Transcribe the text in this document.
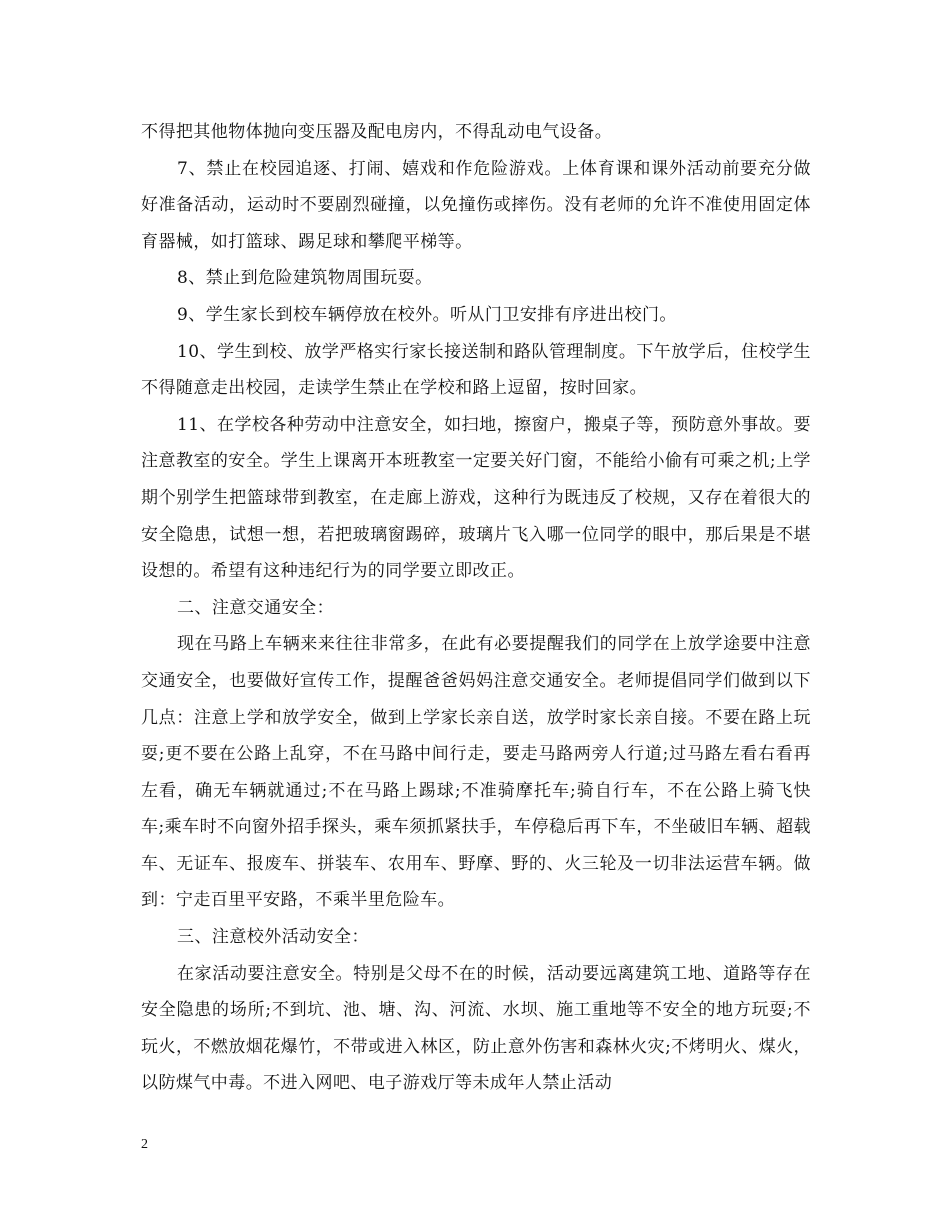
不得把其他物体抛向变压器及配电房内，不得乱动电气设备。

7、禁止在校园追逐、打闹、嬉戏和作危险游戏。上体育课和课外活动前要充分做好准备活动，运动时不要剧烈碰撞，以免撞伤或摔伤。没有老师的允许不准使用固定体育器械，如打篮球、踢足球和攀爬平梯等。

8、禁止到危险建筑物周围玩耍。

9、学生家长到校车辆停放在校外。听从门卫安排有序进出校门。

10、学生到校、放学严格实行家长接送制和路队管理制度。下午放学后，住校学生不得随意走出校园，走读学生禁止在学校和路上逗留，按时回家。

11、在学校各种劳动中注意安全，如扫地，擦窗户，搬桌子等，预防意外事故。要注意教室的安全。学生上课离开本班教室一定要关好门窗，不能给小偷有可乘之机;上学期个别学生把篮球带到教室，在走廊上游戏，这种行为既违反了校规，又存在着很大的安全隐患，试想一想，若把玻璃窗踢碎，玻璃片飞入哪一位同学的眼中，那后果是不堪设想的。希望有这种违纪行为的同学要立即改正。

二、注意交通安全：

现在马路上车辆来来往往非常多，在此有必要提醒我们的同学在上放学途要中注意交通安全，也要做好宣传工作，提醒爸爸妈妈注意交通安全。老师提倡同学们做到以下几点：注意上学和放学安全，做到上学家长亲自送，放学时家长亲自接。不要在路上玩耍;更不要在公路上乱穿，不在马路中间行走，要走马路两旁人行道;过马路左看右看再左看，确无车辆就通过;不在马路上踢球;不准骑摩托车;骑自行车，不在公路上骑飞快车;乘车时不向窗外招手探头，乘车须抓紧扶手，车停稳后再下车，不坐破旧车辆、超载车、无证车、报废车、拼装车、农用车、野摩、野的、火三轮及一切非法运营车辆。做到：宁走百里平安路，不乘半里危险车。

三、注意校外活动安全：

在家活动要注意安全。特别是父母不在的时候，活动要远离建筑工地、道路等存在安全隐患的场所;不到坑、池、塘、沟、河流、水坝、施工重地等不安全的地方玩耍;不玩火，不燃放烟花爆竹，不带或进入林区，防止意外伤害和森林火灾;不烤明火、煤火，以防煤气中毒。不进入网吧、电子游戏厅等未成年人禁止活动

2
